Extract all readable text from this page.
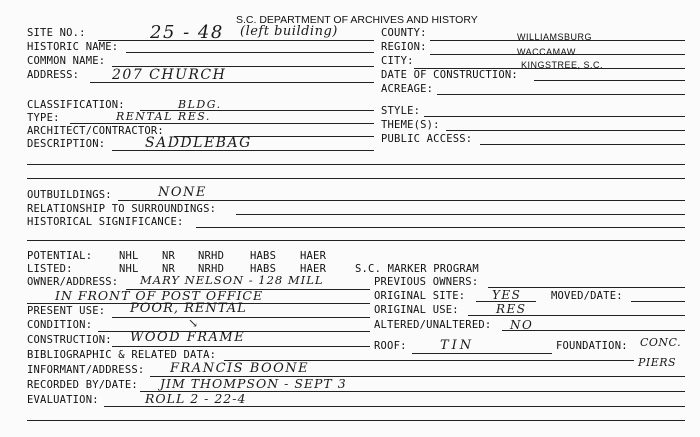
S.C. DEPARTMENT OF ARCHIVES AND HISTORY
SITE NO.:	25 - 48 (left building)
HISTORIC NAME:
COMMON NAME:
ADDRESS: 207 CHURCH
COUNTY:	WILLIAMSBURG
REGION:	WACCAMAW
CITY:	KINGSTREE, S.C.
DATE OF CONSTRUCTION:
ACREAGE:
CLASSIFICATION:	BLDG.
TYPE:	RENTAL RES.
ARCHITECT/CONTRACTOR:
DESCRIPTION:	SADDLEBAG
STYLE:
THEME(S):
PUBLIC ACCESS:
OUTBUILDINGS:	NONE
RELATIONSHIP TO SURROUNDINGS:
HISTORICAL SIGNIFICANCE:
POTENTIAL:	NHL NR NRHD HABS HAER
LISTED:	NHL NR NRHD HABS HAER	S.C. MARKER PROGRAM
OWNER/ADDRESS: MARY NELSON - 128 MILL	PREVIOUS OWNERS:
IN FRONT OF POST OFFICE	ORIGINAL SITE: YES	MOVED/DATE:
PRESENT USE: POOR, RENTAL	ORIGINAL USE:	RES
CONDITION:	↘	ALTERED/UNALTERED: NO
CONSTRUCTION: WOOD FRAME
ROOF:	TIN	FOUNDATION: CONC.
PIERS
BIBLIOGRAPHIC & RELATED DATA:
INFORMANT/ADDRESS: FRANCIS BOONE
RECORDED BY/DATE: JIM THOMPSON - SEPT 3
EVALUATION:	ROLL 2 - 22-4
